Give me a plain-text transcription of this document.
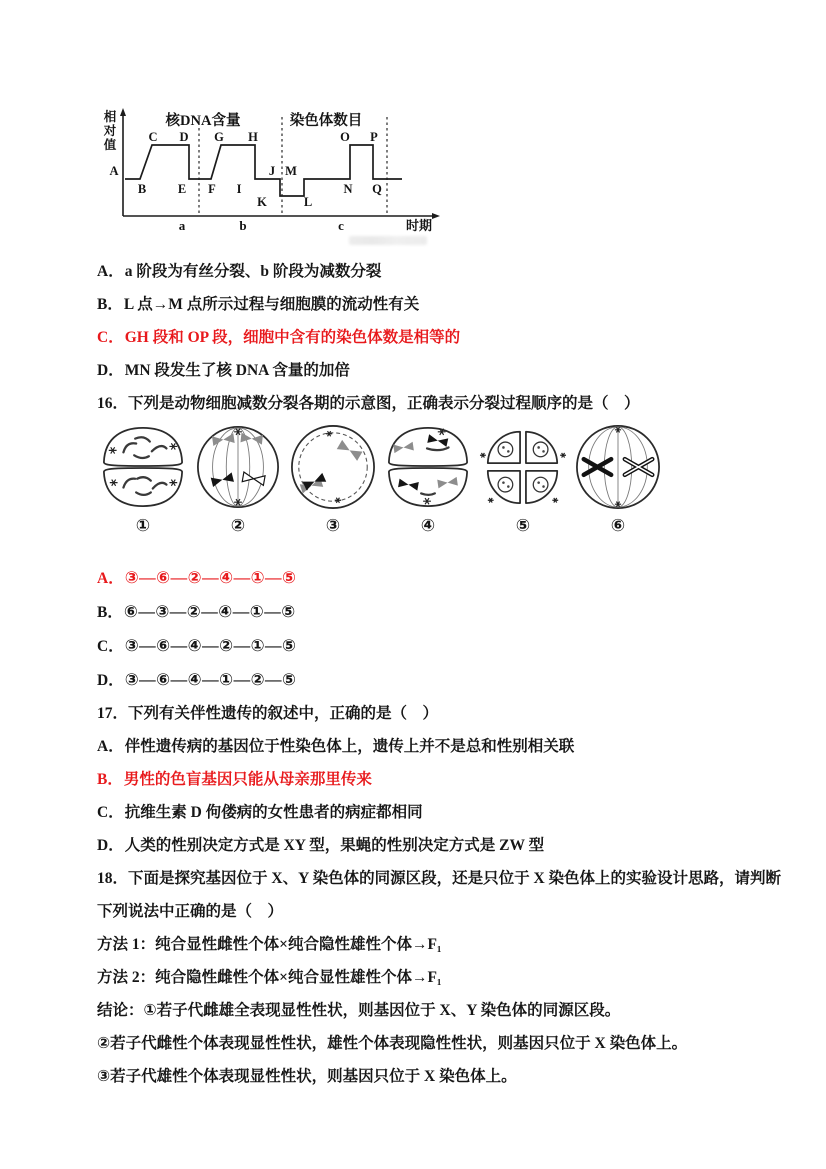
相
对
值
核DNA含量	染色体数目
A
B
C D
E F
G H
I
J
K	L
M
N
O P
Q
a	b	c	时期

A．a 阶段为有丝分裂、b 阶段为减数分裂

B．L 点→M 点所示过程与细胞膜的流动性有关

C．GH 段和 OP 段，细胞中含有的染色体数是相等的

D．MN 段发生了核 DNA 含量的加倍

16．下列是动物细胞减数分裂各期的示意图，正确表示分裂过程顺序的是（　）

①	②	③	④	⑤	⑥

A．③—⑥—②—④—①—⑤

B．⑥—③—②—④—①—⑤

C．③—⑥—④—②—①—⑤

D．③—⑥—④—①—②—⑤

17．下列有关伴性遗传的叙述中，正确的是（　）

A．伴性遗传病的基因位于性染色体上，遗传上并不是总和性别相关联

B．男性的色盲基因只能从母亲那里传来

C．抗维生素 D 佝偻病的女性患者的病症都相同

D．人类的性别决定方式是 XY 型，果蝇的性别决定方式是 ZW 型

18．下面是探究基因位于 X、Y 染色体的同源区段，还是只位于 X 染色体上的实验设计思路，请判断

下列说法中正确的是（　）

方法 1：纯合显性雌性个体×纯合隐性雄性个体→F₁

方法 2：纯合隐性雌性个体×纯合显性雄性个体→F₁

结论：①若子代雌雄全表现显性性状，则基因位于 X、Y 染色体的同源区段。

②若子代雌性个体表现显性性状，雄性个体表现隐性性状，则基因只位于 X 染色体上。

③若子代雄性个体表现显性性状，则基因只位于 X 染色体上。
